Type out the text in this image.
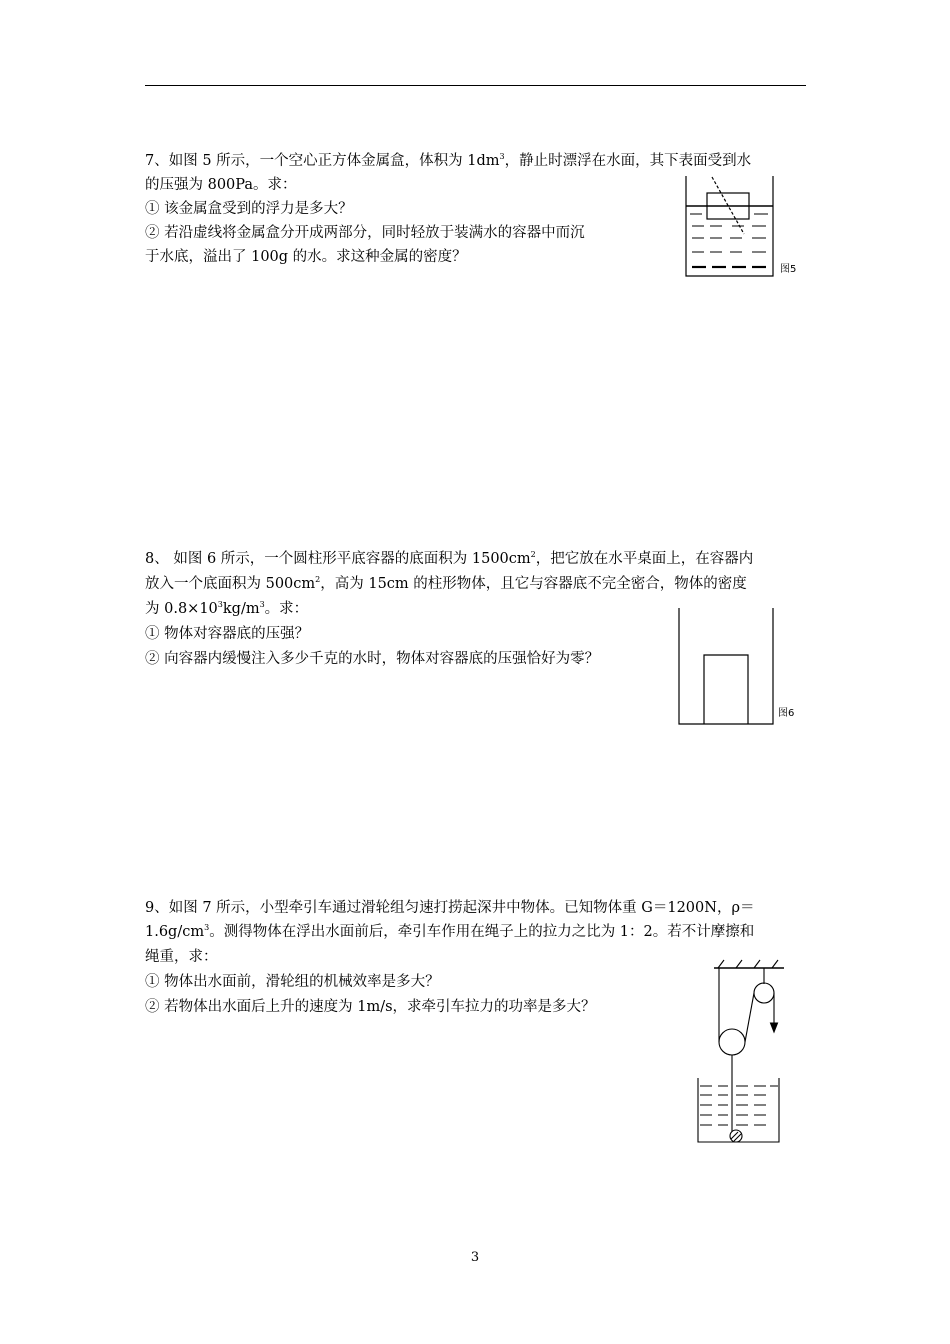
7、如图 5 所示，一个空心正方体金属盒，体积为 $1dm^3$，静止时漂浮在水面，其下表面受到水
的压强为 800Pa。求：
① 该金属盒受到的浮力是多大？
② 若沿虚线将金属盒分开成两部分，同时轻放于装满水的容器中而沉
于水底，溢出了 100g 的水。求这种金属的密度？
图5
8、 如图 6 所示，一个圆柱形平底容器的底面积为 $1500cm^2$，把它放在水平桌面上，在容器内
放入一个底面积为 $500cm^2$，高为 15cm 的柱形物体，且它与容器底不完全密合，物体的密度
为 $0.8\times 10^3kg/m^3$。求：
① 物体对容器底的压强？
② 向容器内缓慢注入多少千克的水时，物体对容器底的压强恰好为零？
图6
9、如图 7 所示，小型牵引车通过滑轮组匀速打捞起深井中物体。已知物体重 G＝1200N，ρ＝
$1.6g/cm^3$。测得物体在浮出水面前后，牵引车作用在绳子上的拉力之比为 1：2。若不计摩擦和
绳重，求：
① 物体出水面前，滑轮组的机械效率是多大？
② 若物体出水面后上升的速度为 1m/s，求牵引车拉力的功率是多大？
3
